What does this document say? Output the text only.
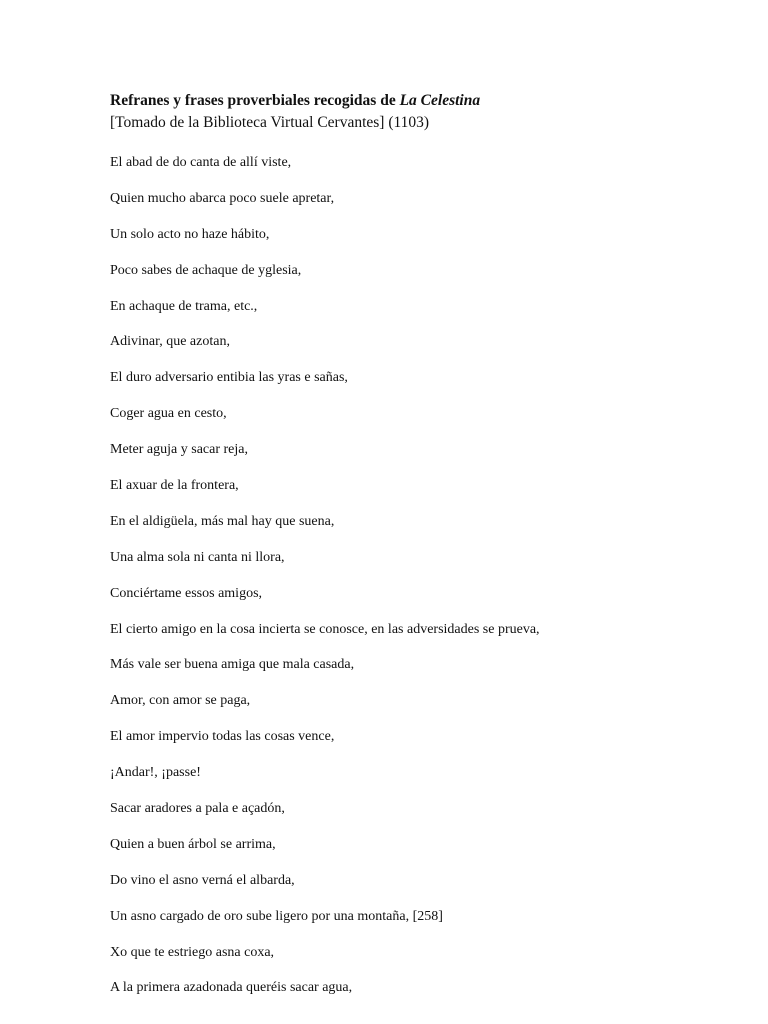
Refranes y frases proverbiales recogidas de La Celestina

[Tomado de la Biblioteca Virtual Cervantes] (1103)

El abad de do canta de allí viste,
Quien mucho abarca poco suele apretar,
Un solo acto no haze hábito,
Poco sabes de achaque de yglesia,
En achaque de trama, etc.,
Adivinar, que azotan,
El duro adversario entibia las yras e sañas,
Coger agua en cesto,
Meter aguja y sacar reja,
El axuar de la frontera,
En el aldigüela, más mal hay que suena,
Una alma sola ni canta ni llora,
Conciértame essos amigos,
El cierto amigo en la cosa incierta se conosce, en las adversidades se prueva,
Más vale ser buena amiga que mala casada,
Amor, con amor se paga,
El amor impervio todas las cosas vence,
¡Andar!, ¡passe!
Sacar aradores a pala e açadón,
Quien a buen árbol se arrima,
Do vino el asno verná el albarda,
Un asno cargado de oro sube ligero por una montaña, [258]
Xo que te estriego asna coxa,
A la primera azadonada queréis sacar agua,
